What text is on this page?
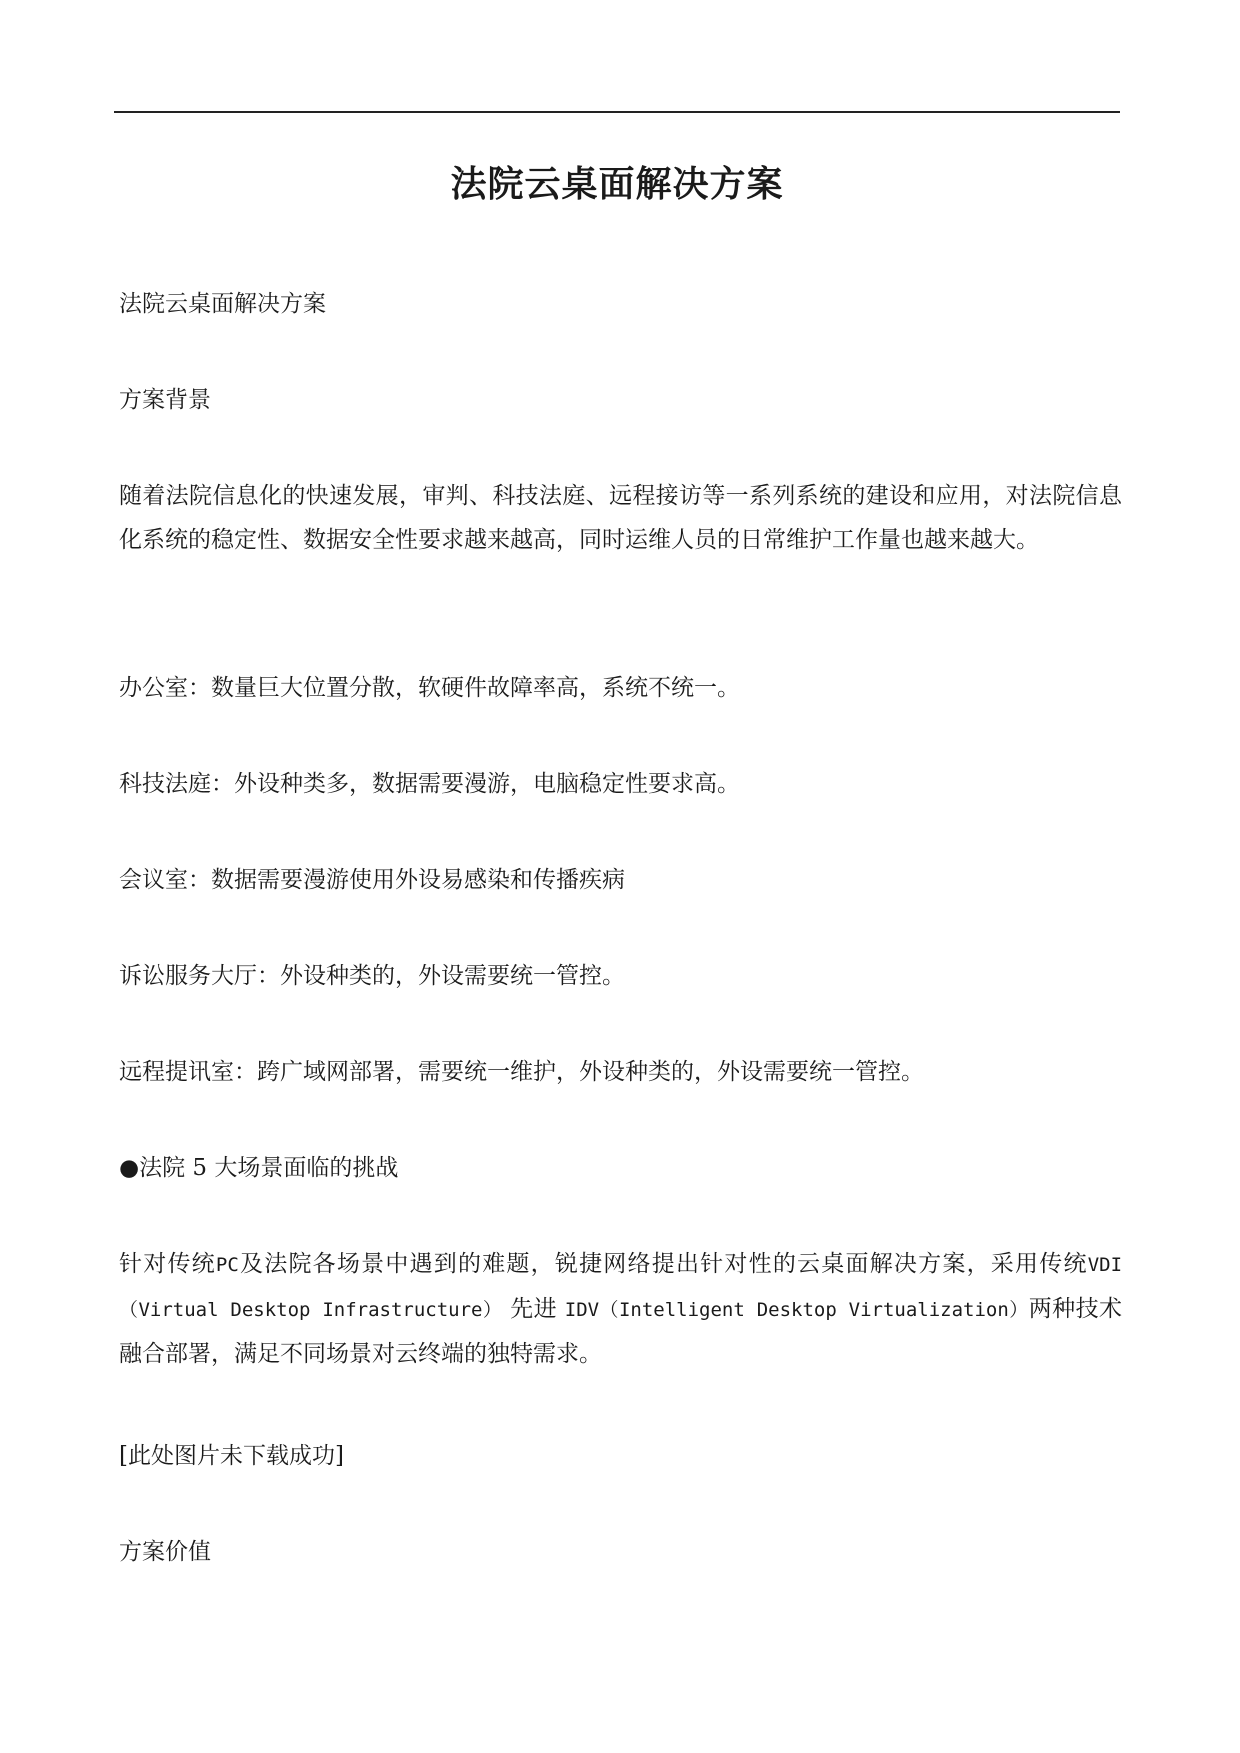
法院云桌面解决方案

法院云桌面解决方案

方案背景

随着法院信息化的快速发展，审判、科技法庭、远程接访等一系列系统的建设和应用，对法院信息化系统的稳定性、数据安全性要求越来越高，同时运维人员的日常维护工作量也越来越大。

办公室：数量巨大位置分散，软硬件故障率高，系统不统一。

科技法庭：外设种类多，数据需要漫游，电脑稳定性要求高。

会议室：数据需要漫游使用外设易感染和传播疾病

诉讼服务大厅：外设种类的，外设需要统一管控。

远程提讯室：跨广域网部署，需要统一维护，外设种类的，外设需要统一管控。

●法院 5 大场景面临的挑战

针对传统PC及法院各场景中遇到的难题，锐捷网络提出针对性的云桌面解决方案，采用传统VDI（Virtual Desktop Infrastructure） 先进 IDV（Intelligent Desktop Virtualization）两种技术融合部署，满足不同场景对云终端的独特需求。

[此处图片未下载成功]

方案价值
